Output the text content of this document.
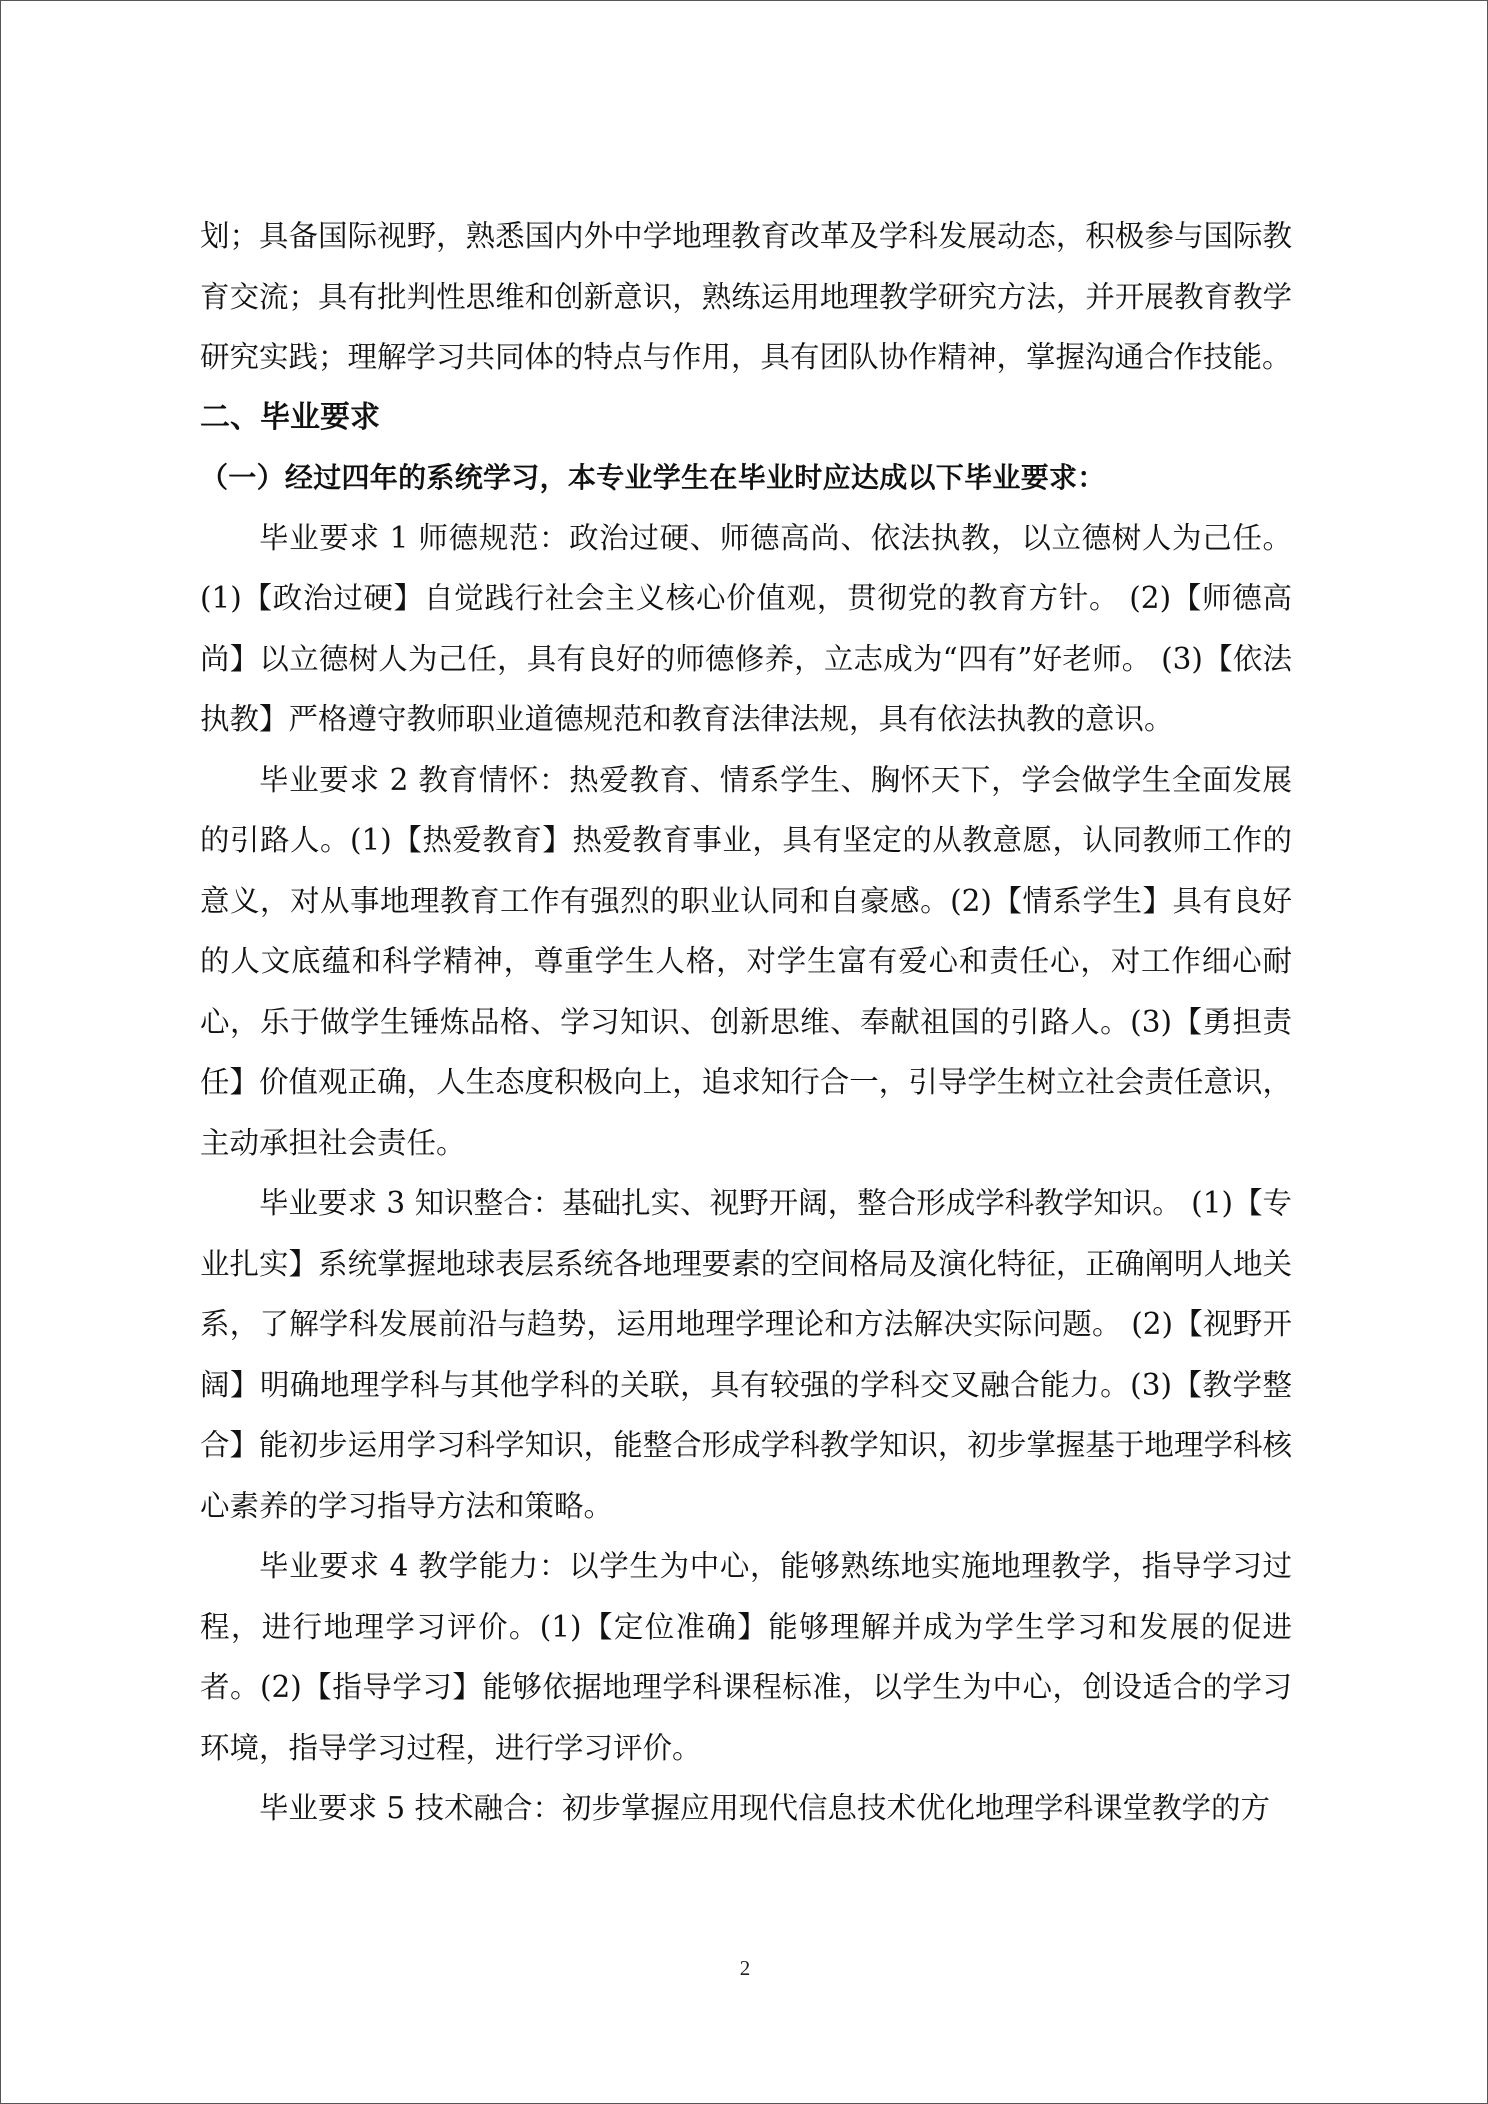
划；具备国际视野，熟悉国内外中学地理教育改革及学科发展动态，积极参与国际教育交流；具有批判性思维和创新意识，熟练运用地理教学研究方法，并开展教育教学研究实践；理解学习共同体的特点与作用，具有团队协作精神，掌握沟通合作技能。

二、毕业要求
（一）经过四年的系统学习，本专业学生在毕业时应达成以下毕业要求：

毕业要求 1 师德规范：政治过硬、师德高尚、依法执教，以立德树人为己任。 (1)【政治过硬】自觉践行社会主义核心价值观，贯彻党的教育方针。 (2)【师德高尚】以立德树人为己任，具有良好的师德修养，立志成为“四有”好老师。 (3)【依法执教】严格遵守教师职业道德规范和教育法律法规，具有依法执教的意识。

毕业要求 2 教育情怀：热爱教育、情系学生、胸怀天下，学会做学生全面发展的引路人。(1)【热爱教育】热爱教育事业，具有坚定的从教意愿，认同教师工作的意义，对从事地理教育工作有强烈的职业认同和自豪感。(2)【情系学生】具有良好的人文底蕴和科学精神，尊重学生人格，对学生富有爱心和责任心，对工作细心耐心，乐于做学生锤炼品格、学习知识、创新思维、奉献祖国的引路人。(3)【勇担责任】价值观正确，人生态度积极向上，追求知行合一，引导学生树立社会责任意识，主动承担社会责任。

毕业要求 3 知识整合：基础扎实、视野开阔，整合形成学科教学知识。 (1)【专业扎实】系统掌握地球表层系统各地理要素的空间格局及演化特征，正确阐明人地关系，了解学科发展前沿与趋势，运用地理学理论和方法解决实际问题。 (2)【视野开阔】明确地理学科与其他学科的关联，具有较强的学科交叉融合能力。(3)【教学整合】能初步运用学习科学知识，能整合形成学科教学知识，初步掌握基于地理学科核心素养的学习指导方法和策略。

毕业要求 4 教学能力：以学生为中心，能够熟练地实施地理教学，指导学习过程，进行地理学习评价。(1)【定位准确】能够理解并成为学生学习和发展的促进者。(2)【指导学习】能够依据地理学科课程标准，以学生为中心，创设适合的学习环境，指导学习过程，进行学习评价。

毕业要求 5 技术融合：初步掌握应用现代信息技术优化地理学科课堂教学的方

2
